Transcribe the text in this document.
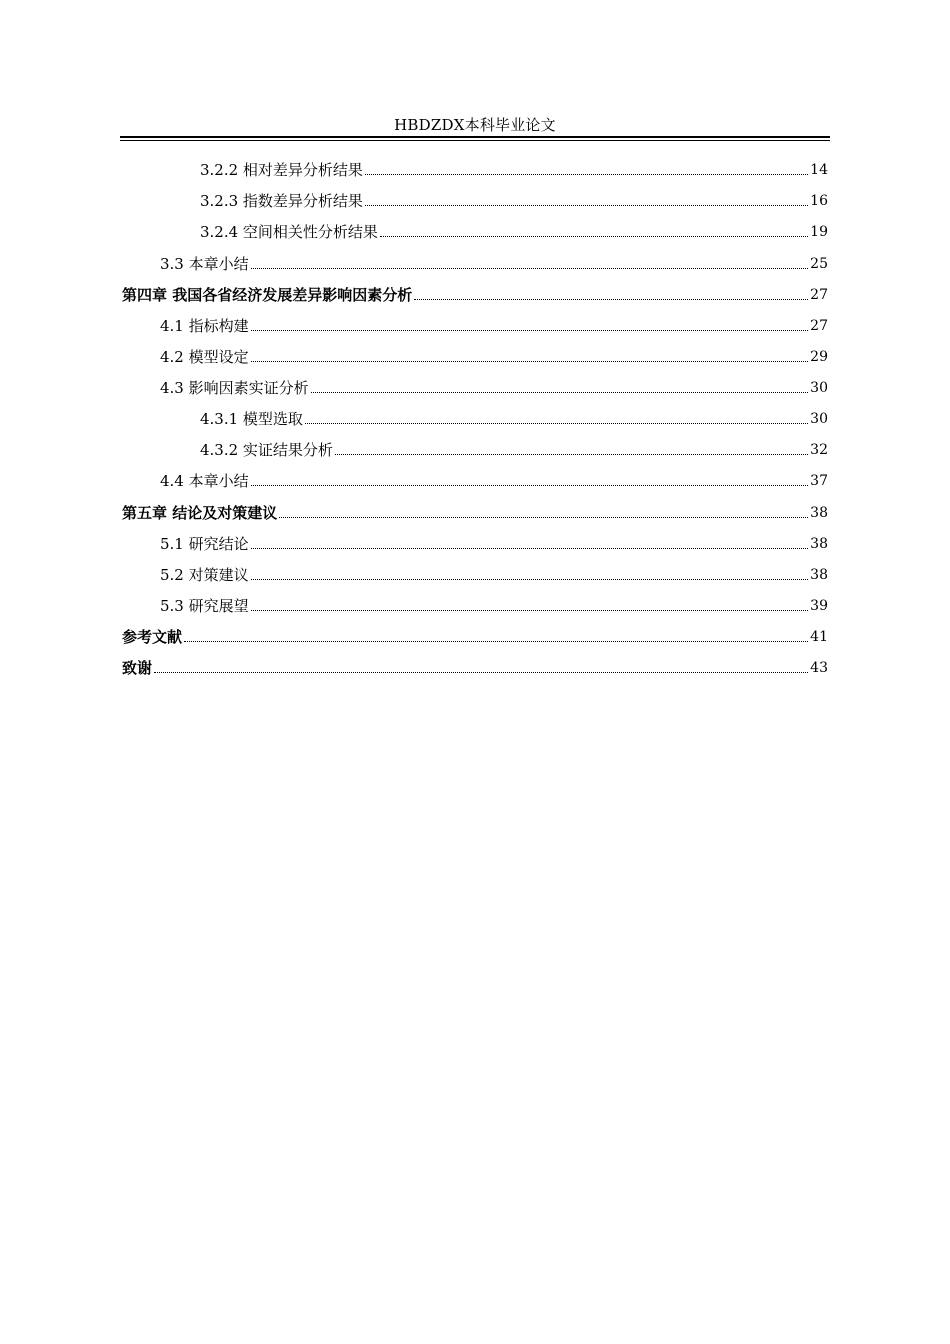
HBDZDX本科毕业论文
3.2.2 相对差异分析结果	14
3.2.3 指数差异分析结果	16
3.2.4 空间相关性分析结果	19
3.3 本章小结	25
第四章 我国各省经济发展差异影响因素分析	27
4.1 指标构建	27
4.2 模型设定	29
4.3 影响因素实证分析	30
4.3.1 模型选取	30
4.3.2 实证结果分析	32
4.4 本章小结	37
第五章 结论及对策建议	38
5.1 研究结论	38
5.2 对策建议	38
5.3 研究展望	39
参考文献	41
致谢	43
